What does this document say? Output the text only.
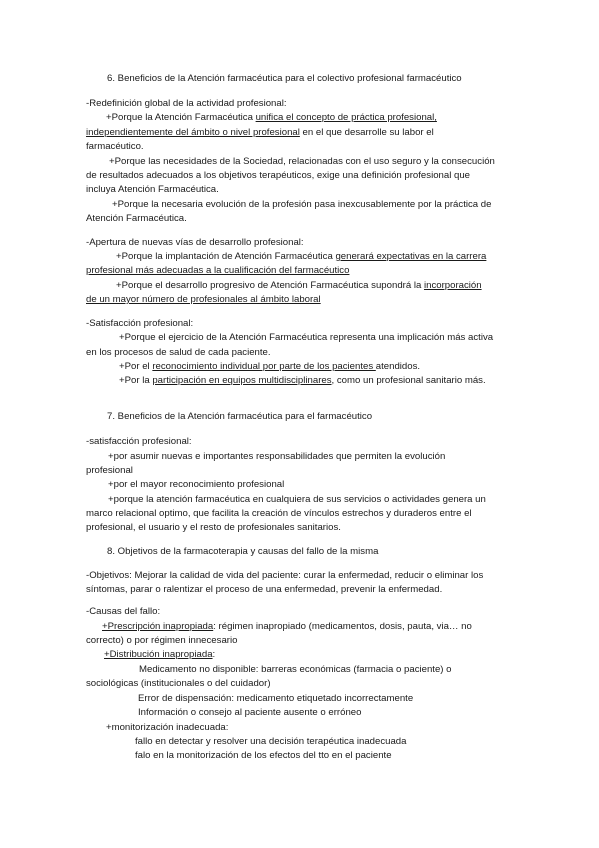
6. Beneficios de la Atención farmacéutica para el colectivo profesional farmacéutico
-Redefinición global de la actividad profesional:
+Porque la Atención Farmacéutica unifica el concepto de práctica profesional,
independientemente del ámbito o nivel profesional en el que desarrolle su labor el
farmacéutico.
+Porque las necesidades de la Sociedad, relacionadas con el uso seguro y la consecución
de resultados adecuados a los objetivos terapéuticos, exige una definición profesional que
incluya Atención Farmacéutica.
+Porque la necesaria evolución de la profesión pasa inexcusablemente por la práctica de
Atención Farmacéutica.
-Apertura de nuevas vías de desarrollo profesional:
+Porque la implantación de Atención Farmacéutica generará expectativas en la carrera
profesional más adecuadas a la cualificación del farmacéutico
+Porque el desarrollo progresivo de Atención Farmacéutica supondrá la incorporación
de un mayor número de profesionales al ámbito laboral
-Satisfacción profesional:
+Porque el ejercicio de la Atención Farmacéutica representa una implicación más activa
en los procesos de salud de cada paciente.
+Por el reconocimiento individual por parte de los pacientes atendidos.
+Por la participación en equipos multidisciplinares, como un profesional sanitario más.
7. Beneficios de la Atención farmacéutica para el farmacéutico
-satisfacción profesional:
+por asumir nuevas e importantes responsabilidades que permiten la evolución
profesional
+por el mayor reconocimiento profesional
+porque la atención farmacéutica en cualquiera de sus servicios o actividades genera un
marco relacional optimo, que facilita la creación de vínculos estrechos y duraderos entre el
profesional, el usuario y el resto de profesionales sanitarios.
8. Objetivos de la farmacoterapia y causas del fallo de la misma
-Objetivos: Mejorar la calidad de vida del paciente: curar la enfermedad, reducir o eliminar los
síntomas, parar o ralentizar el proceso de una enfermedad, prevenir la enfermedad.
-Causas del fallo:
+Prescripción inapropiada: régimen inapropiado (medicamentos, dosis, pauta, via… no
correcto) o por régimen innecesario
+Distribución inapropiada:
Medicamento no disponible: barreras económicas (farmacia o paciente) o
sociológicas (institucionales o del cuidador)
Error de dispensación: medicamento etiquetado incorrectamente
Información o consejo al paciente ausente o erróneo
+monitorización inadecuada:
fallo en detectar y resolver una decisión terapéutica inadecuada
falo en la monitorización de los efectos del tto en el paciente
